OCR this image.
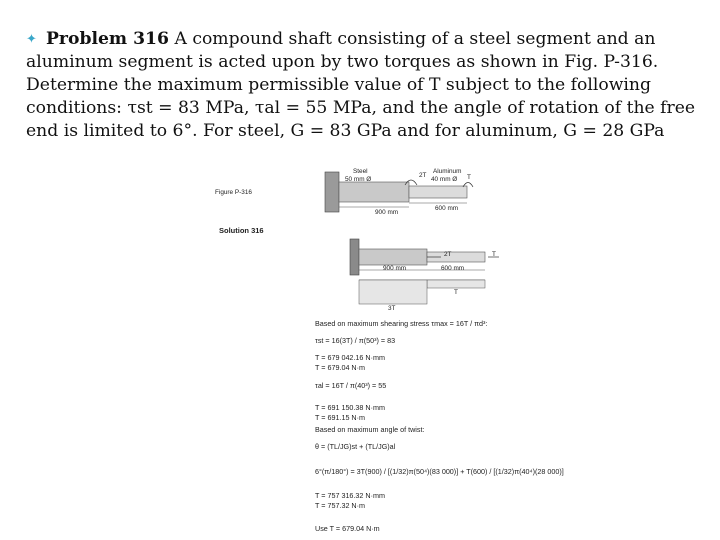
✦ Problem 316 A compound shaft consisting of a steel segment and an aluminum segment is acted upon by two torques as shown in Fig. P-316. Determine the maximum permissible value of T subject to the following conditions: τst = 83 MPa, τal = 55 MPa, and the angle of rotation of the free end is limited to 6°. For steel, G = 83 GPa and for aluminum, G = 28 GPa
Figure P-316
Steel
50 mm Ø
2T
Aluminum
40 mm Ø T
900 mm
600 mm
Solution 316
2T	T
900 mm	600 mm
T
3T
Based on maximum shearing stress τmax = 16T / πd³:
τst = 16(3T) / π(50³) = 83
T = 679 042.16 N·mm
T = 679.04 N·m
τal = 16T / π(40³) = 55
T = 691 150.38 N·mm
T = 691.15 N·m
Based on maximum angle of twist:
θ = (TL/JG)st + (TL/JG)al
6°(π/180°) = 3T(900) / [(1/32)π(50⁴)(83 000)] + T(600) / [(1/32)π(40⁴)(28 000)]
T = 757 316.32 N·mm
T = 757.32 N·m
Use T = 679.04 N·m
